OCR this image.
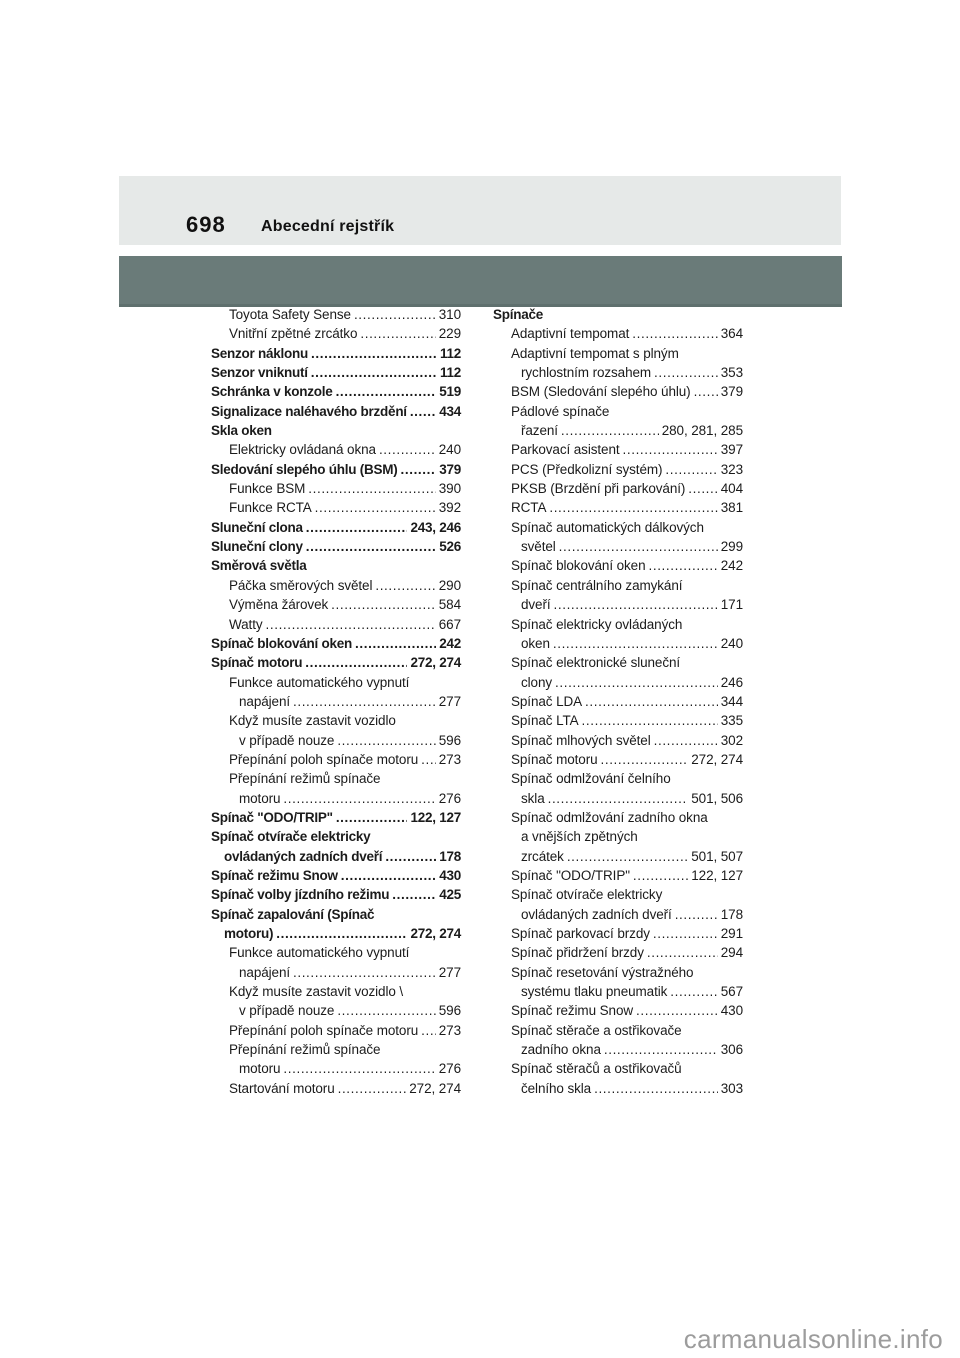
698 Abecední rejstřík
Toyota Safety Sense .....	310
Vnitřní zpětné zrcátko .....	229
Senzor náklonu .....	112
Senzor vniknutí .....	112
Schránka v konzole .....	519
Signalizace naléhavého brzdění ..... 434
Skla oken
Elektricky ovládaná okna .....	240
Sledování slepého úhlu (BSM) .....	379
Funkce BSM .....	390
Funkce RCTA .....	392
Sluneční clona .....	243, 246
Sluneční clony .....	526
Směrová světla
Páčka směrových světel .....	290
Výměna žárovek .....	584
Watty .....	667
Spínač blokování oken .....	242
Spínač motoru .....	272, 274
Funkce automatického vypnutí
napájení .....	277
Když musíte zastavit vozidlo
v případě nouze .....	596
Přepínání poloh spínače motoru ..... 273
Přepínání režimů spínače
motoru .....	276
Spínač "ODO/TRIP" .....	122, 127
Spínač otvírače elektricky
ovládaných zadních dveří .....	178
Spínač režimu Snow .....	430
Spínač volby jízdního režimu .....	425
Spínač zapalování (Spínač
motoru) .....	272, 274
Funkce automatického vypnutí
napájení .....	277
Když musíte zastavit vozidlo \
v případě nouze .....	596
Přepínání poloh spínače motoru ..... 273
Přepínání režimů spínače
motoru .....	276
Startování motoru .....	272, 274
Spínače
Adaptivní tempomat .....	364
Adaptivní tempomat s plným
rychlostním rozsahem .....	353
BSM (Sledování slepého úhlu) ..... 379
Pádlové spínače
řazení .....	280, 281, 285
Parkovací asistent .....	397
PCS (Předkolizní systém) .....	323
PKSB (Brzdění při parkování) .....	404
RCTA .....	381
Spínač automatických dálkových
světel .....	299
Spínač blokování oken .....	242
Spínač centrálního zamykání
dveří .....	171
Spínač elektricky ovládaných
oken .....	240
Spínač elektronické sluneční
clony .....	246
Spínač LDA .....	344
Spínač LTA .....	335
Spínač mlhových světel .....	302
Spínač motoru .....	272, 274
Spínač odmlžování čelního
skla .....	501, 506
Spínač odmlžování zadního okna
a vnějších zpětných
zrcátek .....	501, 507
Spínač "ODO/TRIP" .....	122, 127
Spínač otvírače elektricky
ovládaných zadních dveří .....	178
Spínač parkovací brzdy .....	291
Spínač přidržení brzdy .....	294
Spínač resetování výstražného
systému tlaku pneumatik .....	567
Spínač režimu Snow .....	430
Spínač stěrače a ostřikovače
zadního okna .....	306
Spínač stěračů a ostřikovačů
čelního skla .....	303
carmanualsonline.info
